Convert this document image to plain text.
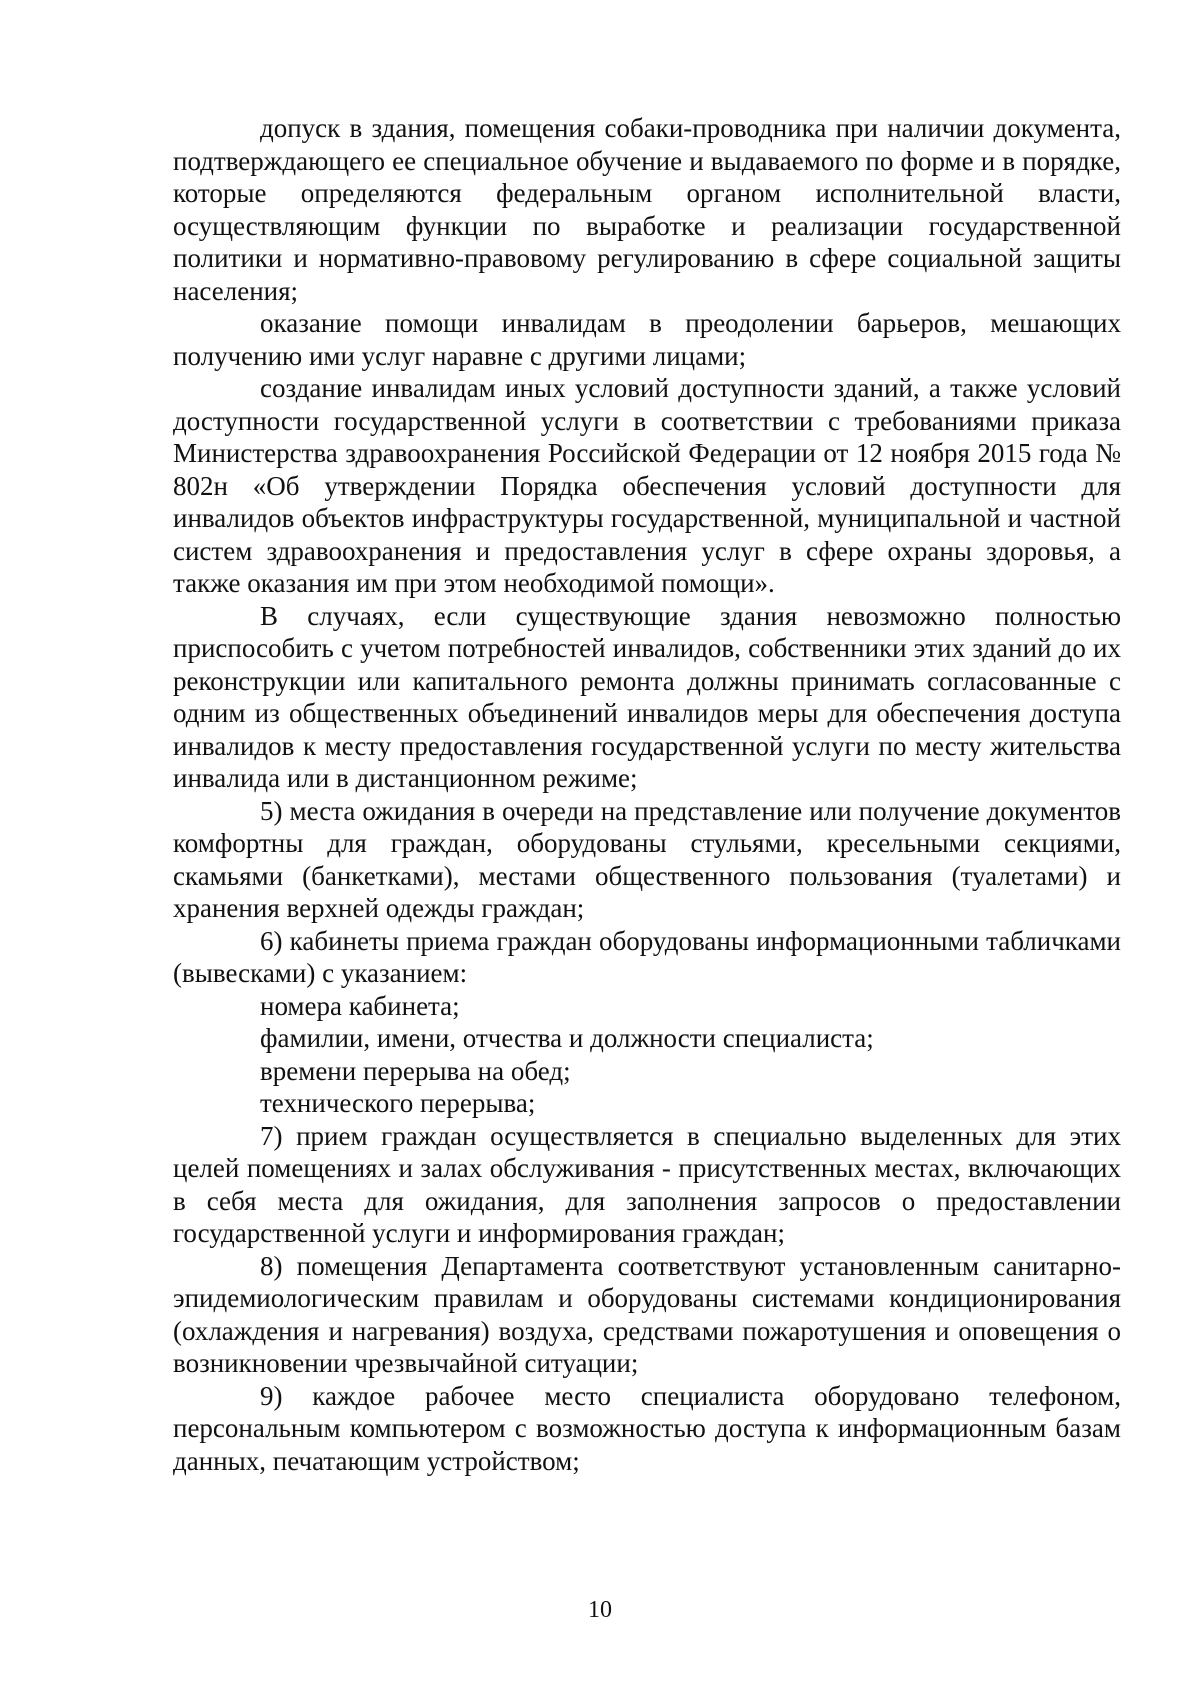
допуск в здания, помещения собаки-проводника при наличии документа, подтверждающего ее специальное обучение и выдаваемого по форме и в порядке, которые определяются федеральным органом исполнительной власти, осуществляющим функции по выработке и реализации государственной политики и нормативно-правовому регулированию в сфере социальной защиты населения;

оказание помощи инвалидам в преодолении барьеров, мешающих получению ими услуг наравне с другими лицами;

создание инвалидам иных условий доступности зданий, а также условий доступности государственной услуги в соответствии с требованиями приказа Министерства здравоохранения Российской Федерации от 12 ноября 2015 года № 802н «Об утверждении Порядка обеспечения условий доступности для инвалидов объектов инфраструктуры государственной, муниципальной и частной систем здравоохранения и предоставления услуг в сфере охраны здоровья, а также оказания им при этом необходимой помощи».

В случаях, если существующие здания невозможно полностью приспособить с учетом потребностей инвалидов, собственники этих зданий до их реконструкции или капитального ремонта должны принимать согласованные с одним из общественных объединений инвалидов меры для обеспечения доступа инвалидов к месту предоставления государственной услуги по месту жительства инвалида или в дистанционном режиме;

5) места ожидания в очереди на представление или получение документов комфортны для граждан, оборудованы стульями, кресельными секциями, скамьями (банкетками), местами общественного пользования (туалетами) и хранения верхней одежды граждан;

6) кабинеты приема граждан оборудованы информационными табличками (вывесками) с указанием:

номера кабинета;

фамилии, имени, отчества и должности специалиста;

времени перерыва на обед;

технического перерыва;

7) прием граждан осуществляется в специально выделенных для этих целей помещениях и залах обслуживания - присутственных местах, включающих в себя места для ожидания, для заполнения запросов о предоставлении государственной услуги и информирования граждан;

8) помещения Департамента соответствуют установленным санитарно-эпидемиологическим правилам и оборудованы системами кондиционирования (охлаждения и нагревания) воздуха, средствами пожаротушения и оповещения о возникновении чрезвычайной ситуации;

9) каждое рабочее место специалиста оборудовано телефоном, персональным компьютером с возможностью доступа к информационным базам данных, печатающим устройством;

10
